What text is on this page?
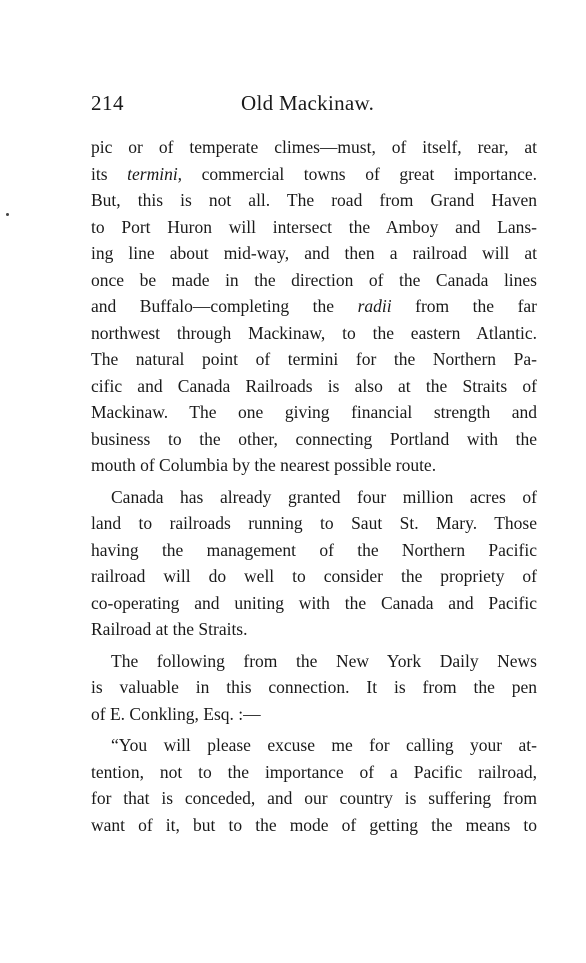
214	Old Mackinaw.
pic or of temperate climes—must, of itself, rear, at
its termini, commercial towns of great importance.
But, this is not all. The road from Grand Haven
to Port Huron will intersect the Amboy and Lans-
ing line about mid-way, and then a railroad will at
once be made in the direction of the Canada lines
and Buffalo—completing the radii from the far
northwest through Mackinaw, to the eastern Atlantic.
The natural point of termini for the Northern Pa-
cific and Canada Railroads is also at the Straits of
Mackinaw. The one giving financial strength and
business to the other, connecting Portland with the
mouth of Columbia by the nearest possible route.
Canada has already granted four million acres of
land to railroads running to Saut St. Mary. Those
having the management of the Northern Pacific
railroad will do well to consider the propriety of
co-operating and uniting with the Canada and Pacific
Railroad at the Straits.
The following from the New York Daily News
is valuable in this connection. It is from the pen
of E. Conkling, Esq. :—
“You will please excuse me for calling your at-
tention, not to the importance of a Pacific railroad,
for that is conceded, and our country is suffering from
want of it, but to the mode of getting the means to
